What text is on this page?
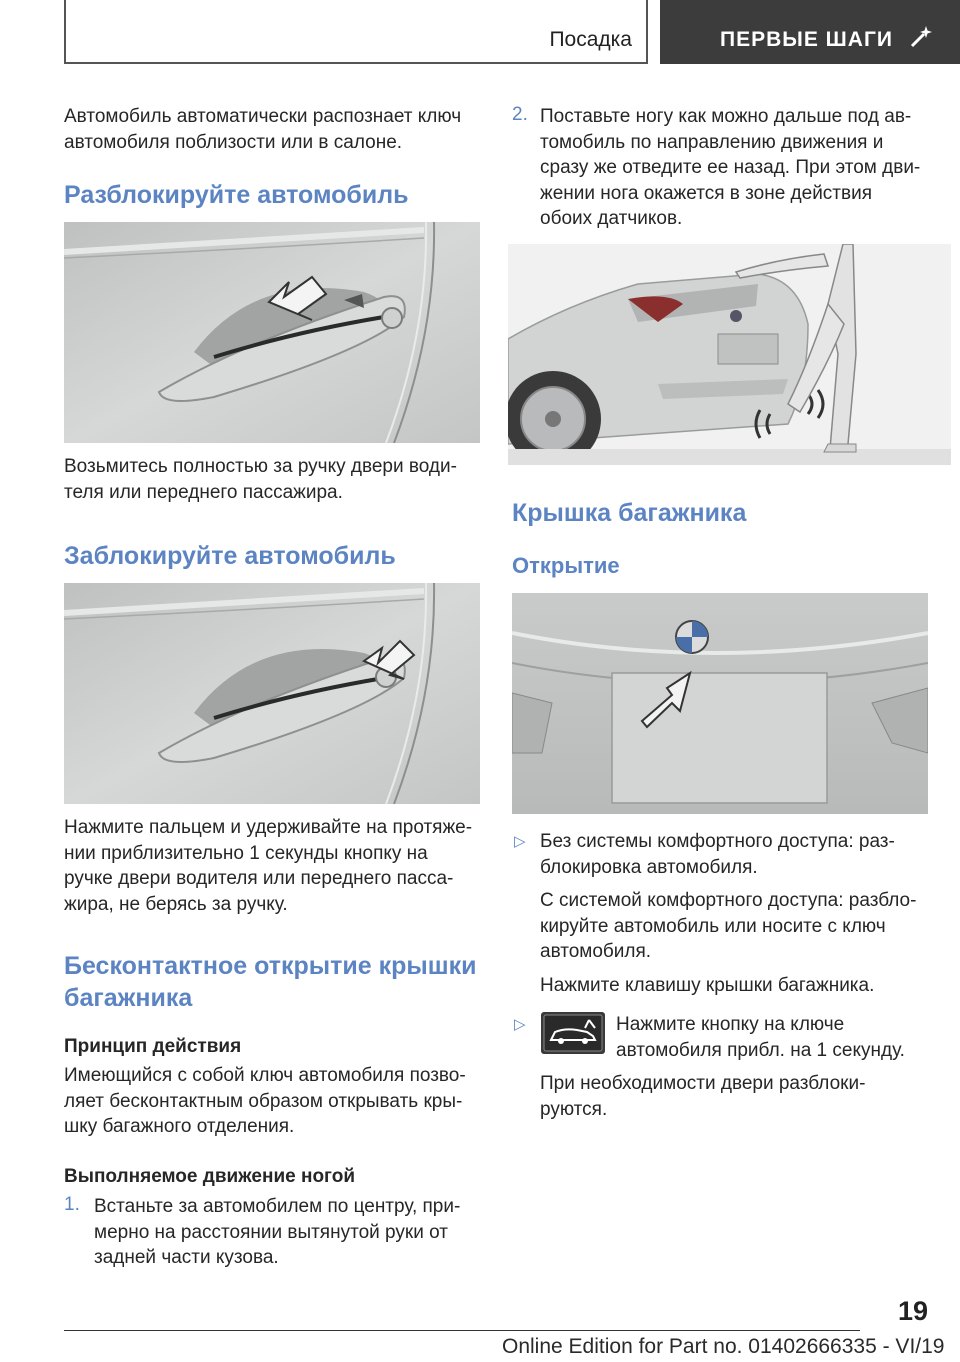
Посадка	ПЕРВЫЕ ШАГИ
Автомобиль автоматически распознает ключ
автомобиля поблизости или в салоне.
Разблокируйте автомобиль
Возьмитесь полностью за ручку двери води-
теля или переднего пассажира.
Заблокируйте автомобиль
Нажмите пальцем и удерживайте на протяже-
нии приблизительно 1 секунды кнопку на
ручке двери водителя или переднего пасса-
жира, не берясь за ручку.
Бесконтактное открытие крышки
багажника
Принцип действия
Имеющийся с собой ключ автомобиля позво-
ляет бесконтактным образом открывать кры-
шку багажного отделения.
Выполняемое движение ногой
1. Встаньте за автомобилем по центру, при-
мерно на расстоянии вытянутой руки от
задней части кузова.
2. Поставьте ногу как можно дальше под ав-
томобиль по направлению движения и
сразу же отведите ее назад. При этом дви-
жении нога окажется в зоне действия
обоих датчиков.
Крышка багажника
Открытие
▷ Без системы комфортного доступа: раз-
блокировка автомобиля.
С системой комфортного доступа: разбло-
кируйте автомобиль или носите с ключ
автомобиля.
Нажмите клавишу крышки багажника.
▷	Нажмите кнопку на ключе
автомобиля прибл. на 1 секунду.
При необходимости двери разблоки-
руются.
19
Online Edition for Part no. 01402666335 - VI/19
